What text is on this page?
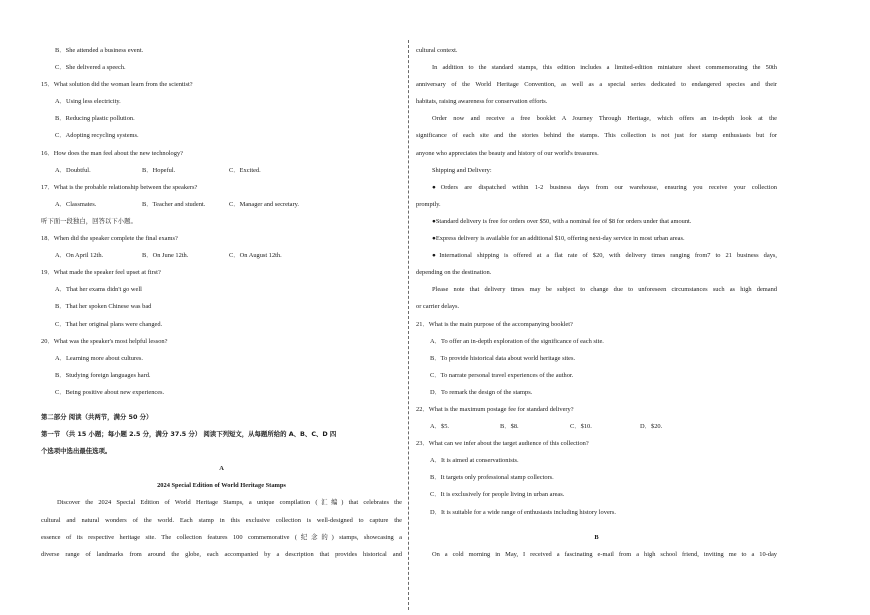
B．She attended a business event.
C．She delivered a speech.
15．What solution did the woman learn from the scientist?
A．Using less electricity.
B．Reducing plastic pollution.
C．Adopting recycling systems.
16．How does the man feel about the new technology?
A．Doubtful.	B．Hopeful.	C．Excited.
17．What is the probable relationship between the speakers?
A．Classmates.	B．Teacher and student.	C．Manager and secretary.
听下面一段独白，回答以下小题。
18．When did the speaker complete the final exams?
A．On April 12th.	B．On June 12th.	C．On August 12th.
19．What made the speaker feel upset at first?
A．That her exams didn't go well
B．That her spoken Chinese was bad
C．That her original plans were changed.
20．What was the speaker's most helpful lesson?
A．Learning more about cultures.
B．Studying foreign languages hard.
C．Being positive about new experiences.
第二部分 阅读（共两节，满分 50 分）
第一节 （共 15 小题；每小题 2.5 分，满分 37.5 分） 阅读下列短文，从每题所给的 A、B、C、D 四
个选项中选出最佳选项。
A
2024 Special Edition of World Heritage Stamps
Discover the 2024 Special Edition of World Heritage Stamps, a unique compilation (汇编) that celebrates the
cultural and natural wonders of the world. Each stamp in this exclusive collection is well-designed to capture the
essence of its respective heritage site. The collection features 100 commemorative (纪念的) stamps, showcasing a
diverse range of landmarks from around the globe, each accompanied by a description that provides historical and
cultural context.
In addition to the standard stamps, this edition includes a limited-edition miniature sheet commemorating the 50th
anniversary of the World Heritage Convention, as well as a special series dedicated to endangered species and their
habitats, raising awareness for conservation efforts.
Order now and receive a free booklet A Journey Through Heritage, which offers an in-depth look at the
significance of each site and the stories behind the stamps. This collection is not just for stamp enthusiasts but for
anyone who appreciates the beauty and history of our world's treasures.
Shipping and Delivery:
●Orders are dispatched within 1-2 business days from our warehouse, ensuring you receive your collection
promptly.
●Standard delivery is free for orders over $50, with a nominal fee of $8 for orders under that amount.
●Express delivery is available for an additional $10, offering next-day service in most urban areas.
●International shipping is offered at a flat rate of $20, with delivery times ranging from7 to 21 business days,
depending on the destination.
Please note that delivery times may be subject to change due to unforeseen circumstances such as high demand
or carrier delays.
21．What is the main purpose of the accompanying booklet?
A．To offer an in-depth exploration of the significance of each site.
B．To provide historical data about world heritage sites.
C．To narrate personal travel experiences of the author.
D．To remark the design of the stamps.
22．What is the maximum postage fee for standard delivery?
A．$5.	B．$8.	C．$10.	D．$20.
23．What can we infer about the target audience of this collection?
A．It is aimed at conservationists.
B．It targets only professional stamp collectors.
C．It is exclusively for people living in urban areas.
D．It is suitable for a wide range of enthusiasts including history lovers.
B
On a cold morning in May, I received a fascinating e-mail from a high school friend, inviting me to a 10-day
